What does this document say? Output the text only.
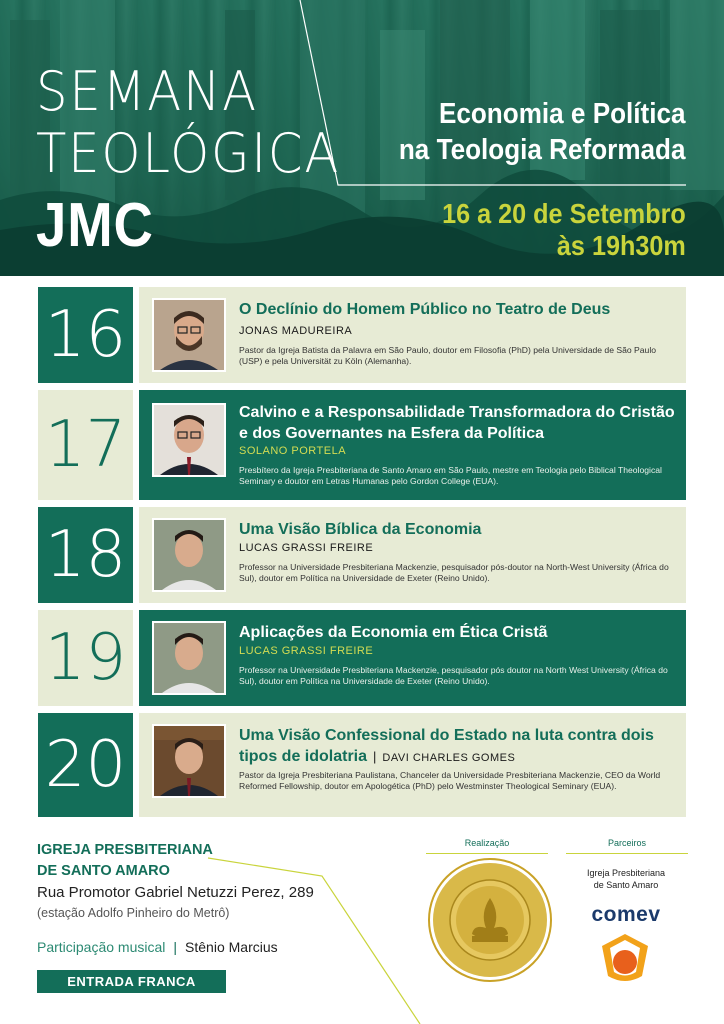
SEMANA
TEOLÓGICA
JMC
Economia e Política
na Teologia Reformada
16 a 20 de Setembro
às 19h30m
16	O Declínio do Homem Público no Teatro de Deus
JONAS MADUREIRA
Pastor da Igreja Batista da Palavra em São Paulo, doutor em Filosofia (PhD) pela Universidade de São Paulo (USP) e pela Universität zu Köln (Alemanha).
17	Calvino e a Responsabilidade Transformadora do Cristão e dos Governantes na Esfera da Política
SOLANO PORTELA
Presbítero da Igreja Presbiteriana de Santo Amaro em São Paulo, mestre em Teologia pelo Biblical Theological Seminary e doutor em Letras Humanas pelo Gordon College (EUA).
18	Uma Visão Bíblica da Economia
LUCAS GRASSI FREIRE
Professor na Universidade Presbiteriana Mackenzie, pesquisador pós-doutor na North-West University (África do Sul), doutor em Política na Universidade de Exeter (Reino Unido).
19	Aplicações da Economia em Ética Cristã
LUCAS GRASSI FREIRE
Professor na Universidade Presbiteriana Mackenzie, pesquisador pós doutor na North West University (África do Sul), doutor em Política na Universidade de Exeter (Reino Unido).
20	Uma Visão Confessional do Estado na luta contra dois
tipos de idolatria | DAVI CHARLES GOMES
Pastor da Igreja Presbiteriana Paulistana, Chanceler da Universidade Presbiteriana Mackenzie, CEO da World Reformed Fellowship, doutor em Apologética (PhD) pelo Westminster Theological Seminary (EUA).
IGREJA PRESBITERIANA
DE SANTO AMARO
Rua Promotor Gabriel Netuzzi Perez, 289
(estação Adolfo Pinheiro do Metrô)
Participação musical | Stênio Marcius
ENTRADA FRANCA
Realização	Parceiros
Igreja Presbiteriana
de Santo Amaro
comev
